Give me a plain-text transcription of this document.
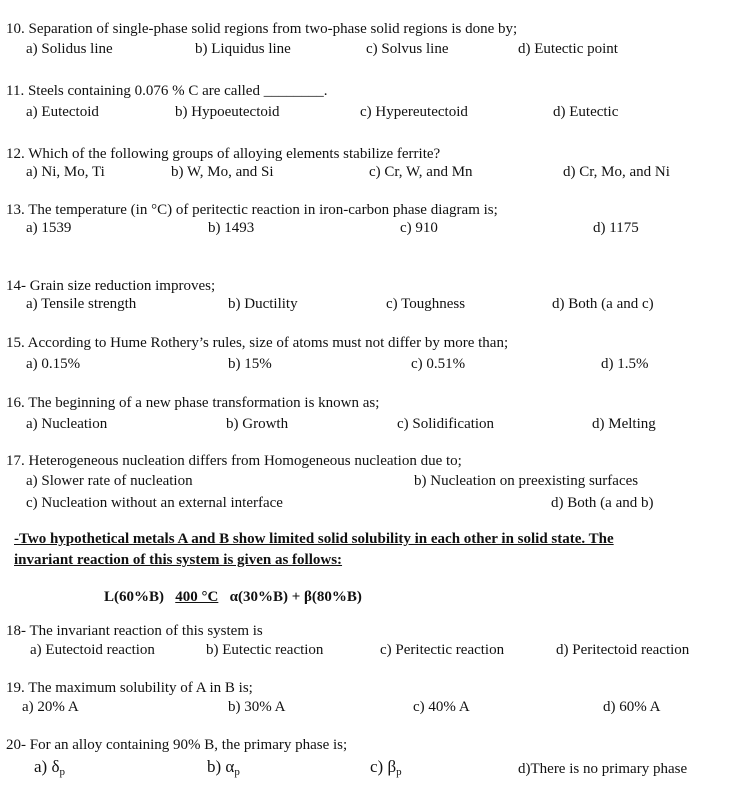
10. Separation of single-phase solid regions from two-phase solid regions is done by;
a) Solidus line	b) Liquidus line	c) Solvus line	d) Eutectic point
11. Steels containing 0.076 % C are called ________.
a) Eutectoid	b) Hypoeutectoid	c) Hypereutectoid	d) Eutectic
12. Which of the following groups of alloying elements stabilize ferrite?
a) Ni, Mo, Ti	b) W, Mo, and Si	c) Cr, W, and Mn	d) Cr, Mo, and Ni
13. The temperature (in °C) of peritectic reaction in iron-carbon phase diagram is;
a) 1539	b) 1493	c) 910	d) 1175
14- Grain size reduction improves;
a) Tensile strength	b) Ductility	c) Toughness	d) Both (a and c)
15. According to Hume Rothery’s rules, size of atoms must not differ by more than;
a) 0.15%	b) 15%	c) 0.51%	d) 1.5%
16. The beginning of a new phase transformation is known as;
a) Nucleation	b) Growth	c) Solidification	d) Melting
17. Heterogeneous nucleation differs from Homogeneous nucleation due to;
a) Slower rate of nucleation	b) Nucleation on preexisting surfaces
c) Nucleation without an external interface	d) Both (a and b)
-Two hypothetical metals A and B show limited solid solubility in each other in solid state. The
invariant reaction of this system is given as follows:
L(60%B) 400 °C α(30%B) + β(80%B)
18- The invariant reaction of this system is
a) Eutectoid reaction	b) Eutectic reaction	c) Peritectic reaction	d) Peritectoid reaction
19. The maximum solubility of A in B is;
a) 20% A	b) 30% A	c) 40% A	d) 60% A
20- For an alloy containing 90% B, the primary phase is;
a) $\delta_p$	b) $\alpha_p$	c) $\beta_p$	d)There is no primary phase
